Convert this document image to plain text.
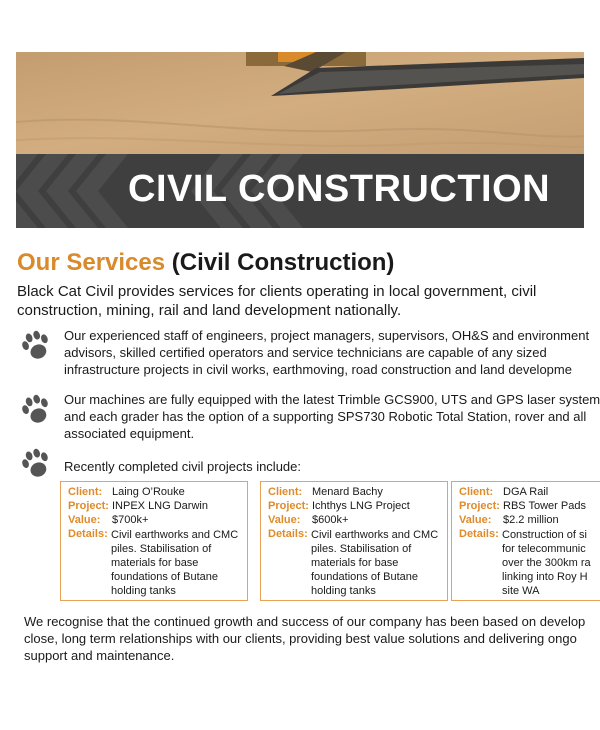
CIVIL CONSTRUCTION
Our Services (Civil Construction)
Black Cat Civil provides services for clients operating in local government, civil construction, mining, rail and land development nationally.
Our experienced staff of engineers, project managers, supervisors, OH&S and environment
advisors, skilled certified operators and service technicians are capable of any sized
infrastructure projects in civil works, earthmoving, road construction and land developme
Our machines are fully equipped with the latest Trimble GCS900, UTS and GPS laser system
and each grader has the option of a supporting SPS730 Robotic Total Station, rover and all
associated equipment.
Recently completed civil projects include:
Client: Laing O’Rouke
Project: INPEX LNG Darwin
Value: $700k+
Details: Civil earthworks and CMC
piles. Stabilisation of
materials for base
foundations of Butane
holding tanks
Client: Menard Bachy
Project: Ichthys LNG Project
Value: $600k+
Details: Civil earthworks and CMC
piles. Stabilisation of
materials for base
foundations of Butane
holding tanks
Client: DGA Rail
Project: RBS Tower Pads
Value: $2.2 million
Details: Construction of si
for telecommunic
over the 300km ra
linking into Roy H
site WA
We recognise that the continued growth and success of our company has been based on develop
close, long term relationships with our clients, providing best value solutions and delivering ongo
support and maintenance.
